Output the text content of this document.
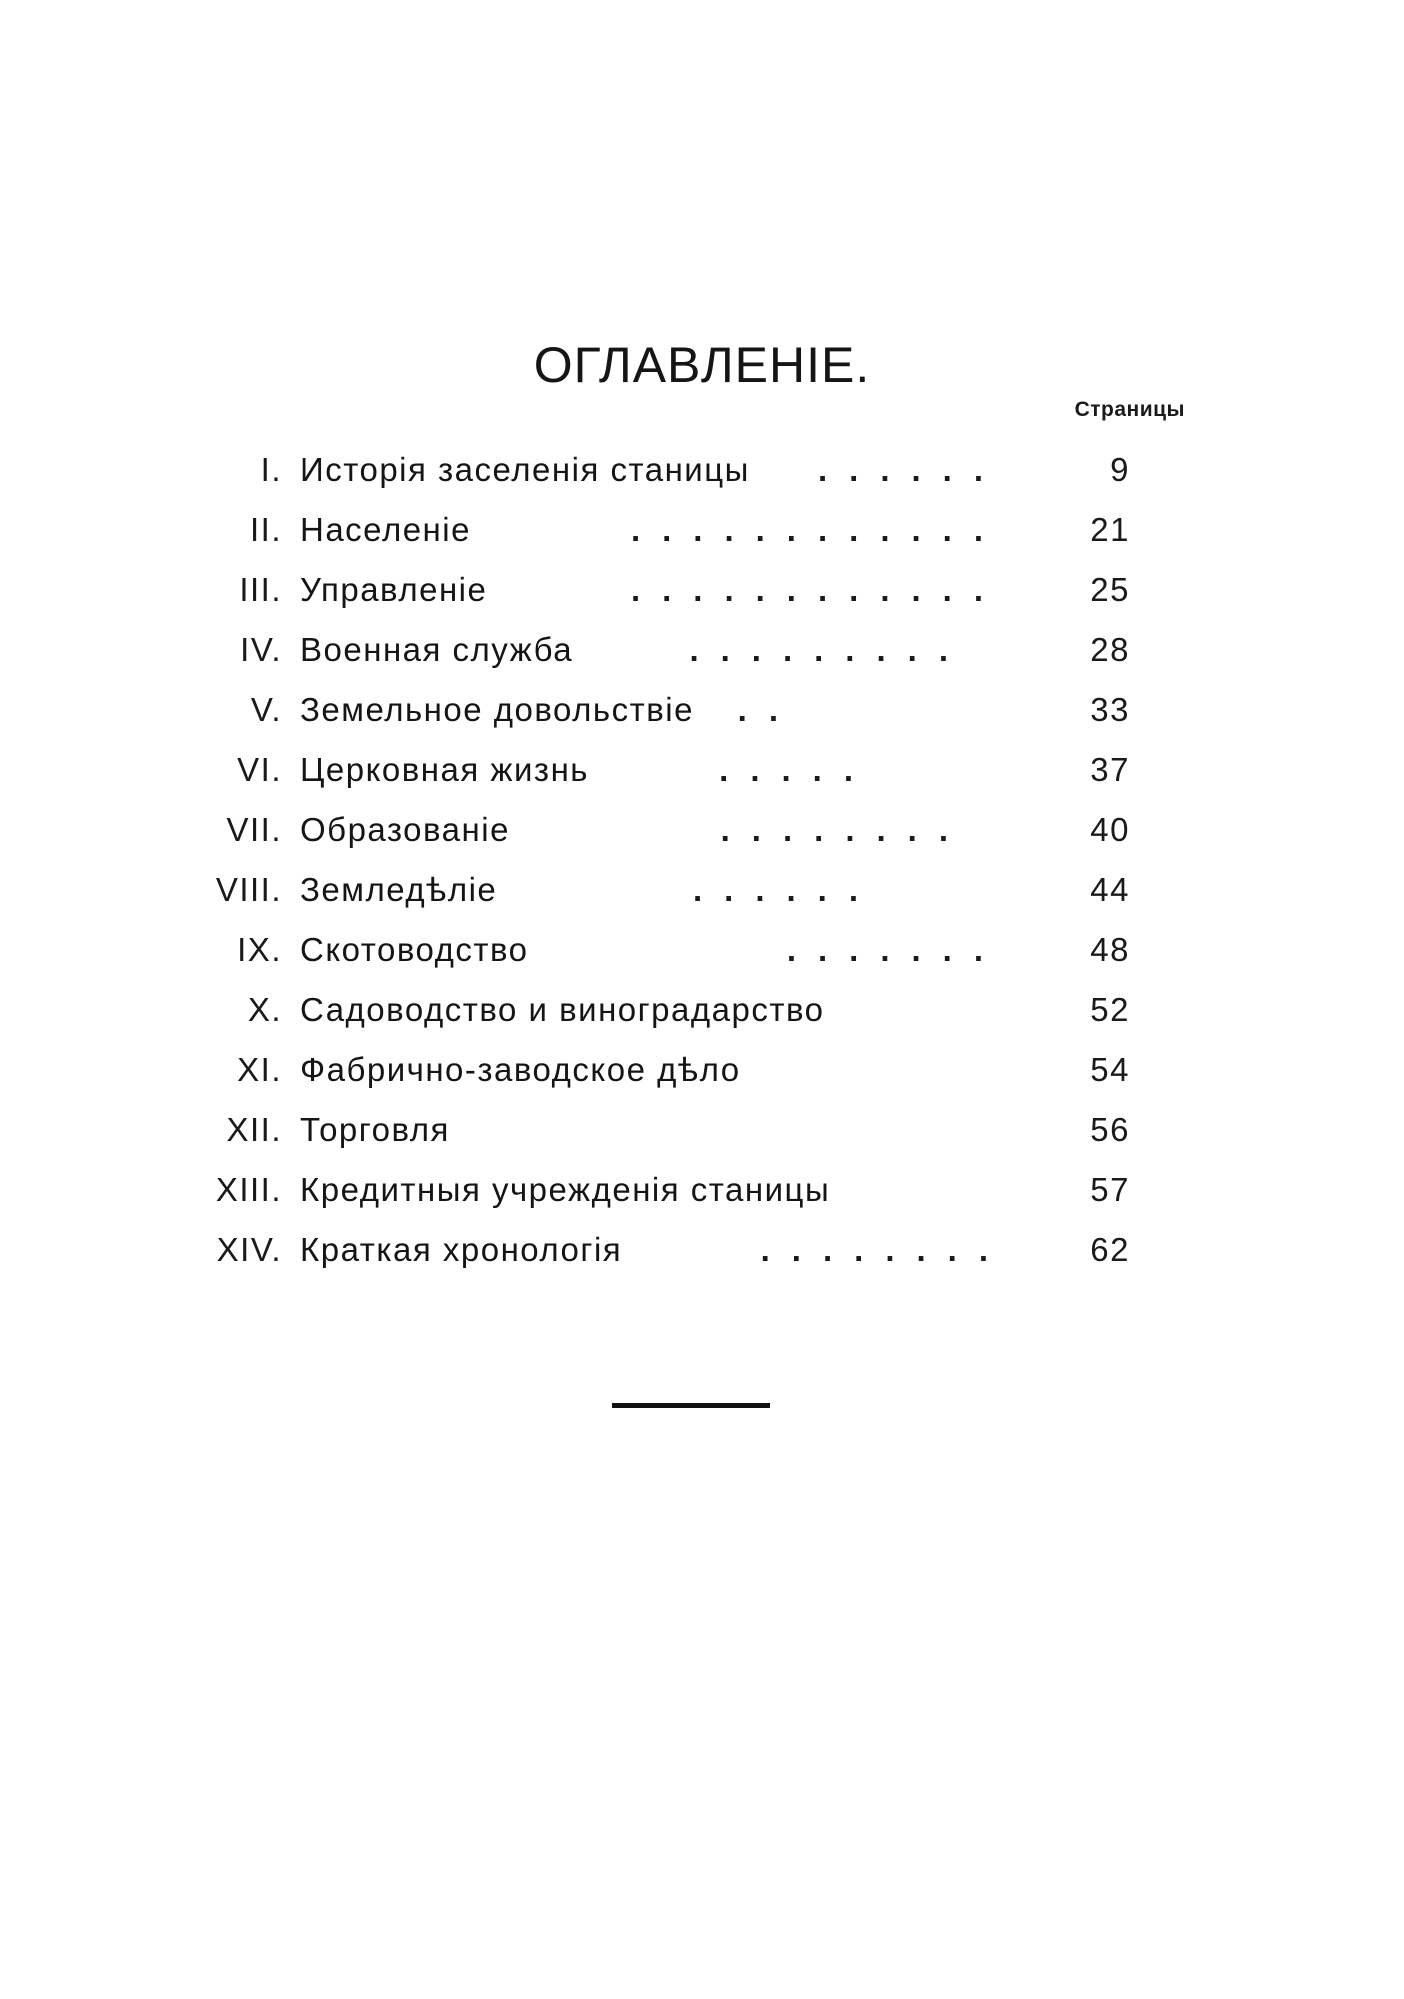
ОГЛАВЛЕНІЕ.
Страницы
I. Исторія заселенія станицы	......	9
II. Населеніе	............	21
III. Управленіе	............	25
IV. Военная служба	.........	28
V. Земельное довольствіе	..	33
VI. Церковная жизнь	.....	37
VII. Образованіе	........	40
VIII. Земледѣліе	......	44
IX. Скотоводство	.......	48
X. Садоводство и виноградарство	52
XI. Фабрично-заводское дѣло	54
XII. Торговля	56
XIII. Кредитныя учрежденія станицы	57
XIV. Краткая хронологія	........	62
